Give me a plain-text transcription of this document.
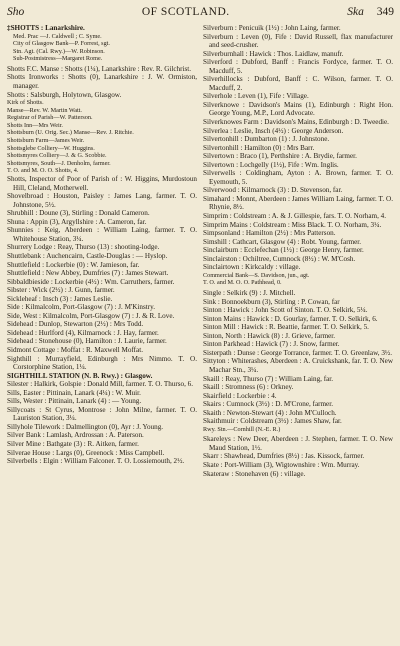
Sho	OF SCOTLAND.	Ska 349

‡SHOTTS : Lanarkshire.

Med. Prac —J. Caldwell ; C. Syme.

City of Glasgow Bank—P. Forrest, sgt.

Stn. Agt. (Cal. Rwy.)—W. Robinson.

Sub-Postmistress—Margaret Rome.

Shotts F.C. Manse : Shotts (1¼), Lanarkshire : Rev. R. Gilchrist.

Shotts Ironworks : Shotts (0), Lanarkshire : J. W. Ormiston, manager.

Shotts : Salsburgh, Holytown, Glasgow.

Kirk of Shotts.

Manse—Rev. W. Martin Watt.

Registrar of Parish—W. Patterson.

Shotts Inn—Mrs Weir.

Shottsburn (U. Orig. Sec.) Manse—Rev. J. Ritchie.

Shottsburn Farm—James Weir.

Shottsglebe Colliery—W. Huggins.

Shottsmyres Colliery—J. & G. Scobbie.

Shottsmyres, South—J. Denholm, farmer.

T. O. and M. O. O. Shotts, 4.

Shotts, Inspector of Poor of Parish of : W. Higgins, Murdostoun Hill, Cleland, Motherwell.

Shovelbroad : Houston, Paisley : James Lang, farmer. T. O. Johnstone, 5½.

Shrubhill : Doune (3), Stirling : Donald Cameron.

Shuna : Appin (3), Argyllshire : A. Cameron, far.

Shunnies : Keig, Aberdeen : William Laing, farmer. T. O. Whitehouse Station, 3¼.

Shurrery Lodge : Reay, Thurso (13) : shooting-lodge.

Shuttlebank : Auchencairn, Castle-Douglas : — Hyslop.

Shuttlefield : Lockerbie (0) : W. Jamieson, far.

Shuttlefield : New Abbey, Dumfries (7) : James Stewart.

Sibbaldbieside : Lockerbie (4½) : Wm. Carruthers, farmer.

Sibster : Wick (2½) : J. Gunn, farmer.

Sickleheaf : Insch (3) : James Leslie.

Side : Kilmalcolm, Port-Glasgow (7) : J. M'Kinstry.

Side, West : Kilmalcolm, Port-Glasgow (7) : J. & R. Love.

Sidehead : Dunlop, Stewarton (2½) : Mrs Todd.

Sidehead : Hurlford (4), Kilmarnock : J. Hay, farmer.

Sidehead : Stonehouse (0), Hamilton : J. Laurie, farmer.

Sidmont Cottage : Moffat : R. Maxwell Moffat.

Sighthill : Murrayfield, Edinburgh : Mrs Nimmo. T. O. Corstorphine Station, 1¼.

SIGHTHILL STATION (N. B. Rwy.) : Glasgow.

Silester : Halkirk, Golspie : Donald Mill, farmer. T. O. Thurso, 6.

Sills, Easter : Pittinain, Lanark (4¼) : W. Muir.

Sills, Wester : Pittinain, Lanark (4) : — Young.

Sillycoats : St Cyrus, Montrose : John Milne, farmer. T. O. Lauriston Station, 3¼.

Sillyhole Tilework : Dalmellington (0), Ayr : J. Young.

Silver Bank : Lamlash, Ardrossan : A. Paterson.

Silver Mine : Bathgate (3) : R. Aitken, farmer.

Silverae House : Largs (0), Greenock : Miss Campbell.

Silverbells : Elgin : William Falconer. T. O. Lossiemouth, 2½.

Silverburn : Penicuik (1½) : John Laing, farmer.

Silverburn : Leven (0), Fife : David Russell, flax manufacturer and seed-crusher.

Silverburnhall : Hawick : Thos. Laidlaw, manufr.

Silverford : Dubford, Banff : Francis Fordyce, farmer. T. O. Macduff, 5.

Silverhillocks : Dubford, Banff : C. Wilson, farmer. T. O. Macduff, 2.

Silverhole : Leven (1), Fife : Village.

Silverknowe : Davidson's Mains (1), Edinburgh : Right Hon. George Young, M.P., Lord Advocate.

Silverknowes Farm : Davidson's Mains, Edinburgh : D. Tweedie.

Silverlea : Leslie, Insch (4½) : George Anderson.

Silvertonhill : Dumbarton (1) : J. Johnstone.

Silvertonhill : Hamilton (0) : Mrs Barr.

Silvertown : Braco (1), Perthshire : A. Brydie, farmer.

Silvertown : Lochgelly (1½), Fife : Wm. Inglis.

Silverwells : Coldingham, Ayton : A. Brown, farmer. T. O. Eyemouth, 5.

Silverwood : Kilmarnock (3) : D. Stevenson, far.

Simahard : Monnt, Aberdeen : James William Laing, farmer. T. O. Rhynie, 8½.

Simprim : Coldstream : A. & J. Gillespie, fars. T. O. Norham, 4.

Simprim Mains : Coldstream : Miss Black. T. O. Norham, 3¼.

Simpsonland : Hamilton (2½) : Mrs Patterson.

Simshill : Cathcart, Glasgow (4) : Robt. Young, farmer.

Sinclairburn : Ecclefechan (1½) : George Henry, farmer.

Sinclairston : Ochiltree, Cumnock (8½) : W. M'Cosh.

Sinclairtown : Kirkcaldy : village.

Commercial Bank—S. Davidson, jun., agt.

T. O. and M. O. O. Pathhead, 0.

Single : Selkirk (9) : J. Mitchell.

Sink : Bonnoekburn (3), Stirling : P. Cowan, far

Sinton : Hawick : John Scott of Sinton. T. O. Selkirk, 5¼.

Sinton Mains : Hawick : D. Gourlay, farmer. T. O. Selkirk, 6.

Sinton Mill : Hawick : R. Beattie, farmer. T. O. Selkirk, 5.

Sinton, North : Hawick (8) : J. Grieve, farmer.

Sinton Parkhead : Hawick (7) : J. Snow, farmer.

Sisterpath : Dunse : George Torrance, farmer. T. O. Greenlaw, 3½.

Sittyton : Whiterashes, Aberdeen : A. Cruickshank, far. T. O. New Machar Stn., 3¼.

Skaill : Reay, Thurso (7) : William Laing, far.

Skaill : Stromness (6) : Orkney.

Skairfield : Lockerbie : 4.

Skairs : Cumnock (3½) : D. M'Crone, farmer.

Skaith : Newton-Stewart (4) : John M'Culloch.

Skaithmuir : Coldstream (3½) : James Shaw, far.

Rwy. Stn.—Cornhill (N.-E. R.)

Skareleys : New Deer, Aberdeen : J. Stephen, farmer. T. O. New Maud Station, 1½.

Skarr : Shawhead, Dumfries (8½) : Jas. Kissock, farmer.

Skate : Port-William (3), Wigtownshire : Wm. Murray.

Skateraw : Stonehaven (6) : village.
